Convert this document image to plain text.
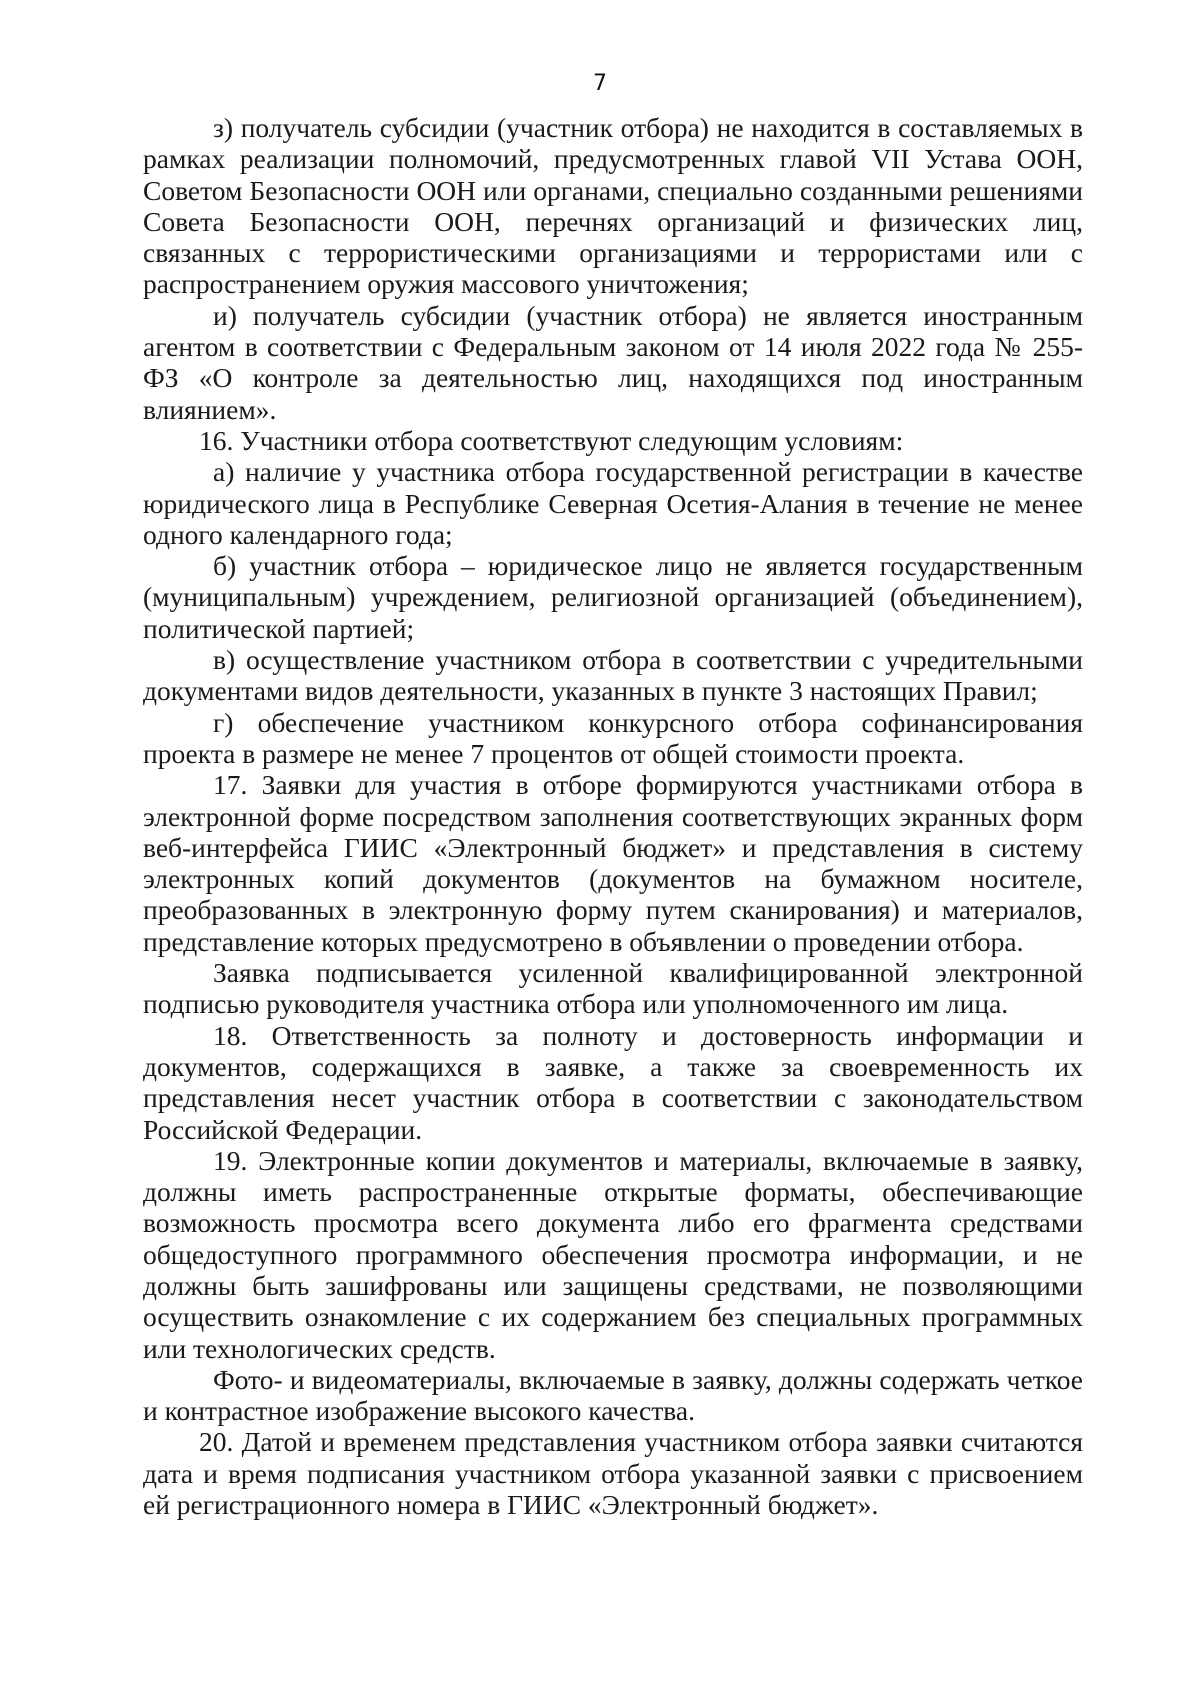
7

з) получатель субсидии (участник отбора) не находится в составляемых в рамках реализации полномочий, предусмотренных главой VII Устава ООН, Советом Безопасности ООН или органами, специально созданными решениями Совета Безопасности ООН, перечнях организаций и физических лиц, связанных с террористическими организациями и террористами или с распространением оружия массового уничтожения;

и) получатель субсидии (участник отбора) не является иностранным агентом в соответствии с Федеральным законом от 14 июля 2022 года № 255-ФЗ «О контроле за деятельностью лиц, находящихся под иностранным влиянием».

16. Участники отбора соответствуют следующим условиям:

а) наличие у участника отбора государственной регистрации в качестве юридического лица в Республике Северная Осетия-Алания в течение не менее одного календарного года;

б) участник отбора – юридическое лицо не является государственным (муниципальным) учреждением, религиозной организацией (объединением), политической партией;

в) осуществление участником отбора в соответствии с учредительными документами видов деятельности, указанных в пункте 3 настоящих Правил;

г) обеспечение участником конкурсного отбора софинансирования проекта в размере не менее 7 процентов от общей стоимости проекта.

17. Заявки для участия в отборе формируются участниками отбора в электронной форме посредством заполнения соответствующих экранных форм веб-интерфейса ГИИС «Электронный бюджет» и представления в систему электронных копий документов (документов на бумажном носителе, преобразованных в электронную форму путем сканирования) и материалов, представление которых предусмотрено в объявлении о проведении отбора.

Заявка подписывается усиленной квалифицированной электронной подписью руководителя участника отбора или уполномоченного им лица.

18. Ответственность за полноту и достоверность информации и документов, содержащихся в заявке, а также за своевременность их представления несет участник отбора в соответствии с законодательством Российской Федерации.

19. Электронные копии документов и материалы, включаемые в заявку, должны иметь распространенные открытые форматы, обеспечивающие возможность просмотра всего документа либо его фрагмента средствами общедоступного программного обеспечения просмотра информации, и не должны быть зашифрованы или защищены средствами, не позволяющими осуществить ознакомление с их содержанием без специальных программных или технологических средств.

Фото- и видеоматериалы, включаемые в заявку, должны содержать четкое и контрастное изображение высокого качества.

20. Датой и временем представления участником отбора заявки считаются дата и время подписания участником отбора указанной заявки с присвоением ей регистрационного номера в ГИИС «Электронный бюджет».
